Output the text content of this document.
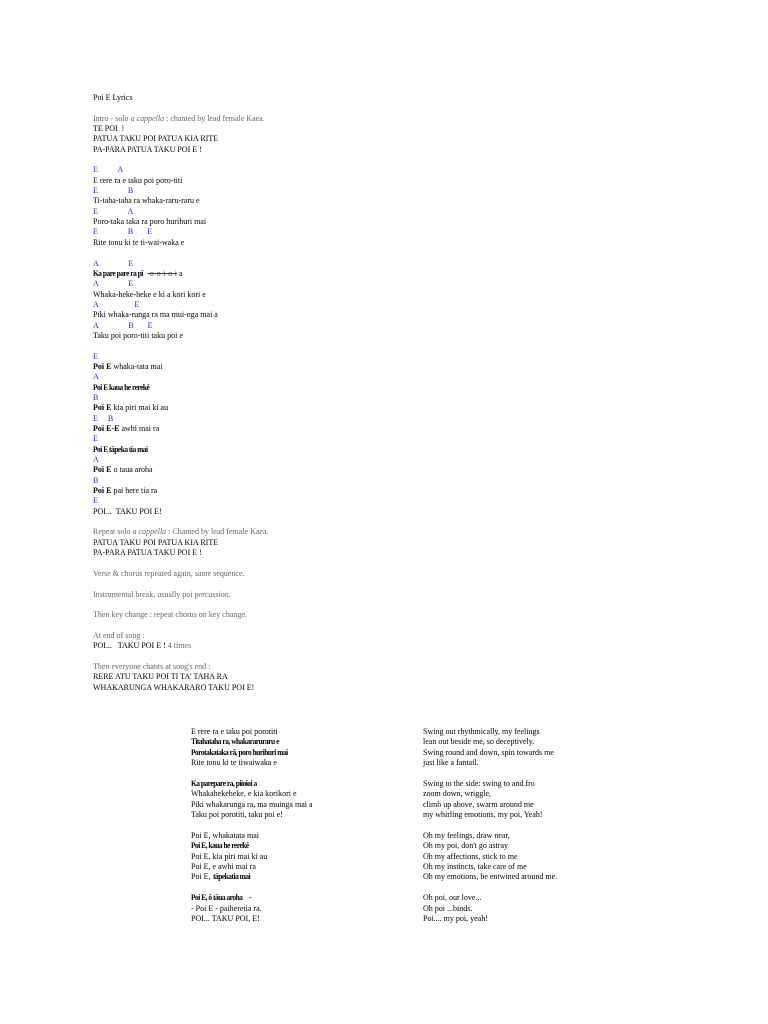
Poi E Lyrics
Intro - solo a cappella : chanted by lead female Kaea.
TE POI  !
PATUA TAKU POI PATUA KIA RITE
PA-PARA PATUA TAKU POI E !
E          A
E rere ra e taku poi poro-titi
E               B
Ti-taha-taha ra whaka-raru-raru e
E               A
Poro-taka taka ra poro hurihuri mai
E               B       E
Rite tonu ki te ti-wai-waka e
A               E
Ka pare pare ra pī -o-o-i-o-i a
A               E
Whaka-heke-heke e ki a kori kori e
A                  E
Piki whaka-runga ra ma mui-nga mai a
A               B       E
Taku poi poro-titi taku poi e
E
Poi E whaka-tata mai
A
Poi E kaua he rerekē
B
Poi E kia piri mai ki au
E     B
Poi E-E awhi mai ra
E
Poi E tāpeka tia mai
A
Poi E o taua aroha
B
Poi E pai here tia ra
E
POI...  TAKU POI E!
Repeat solo a cappella : Chanted by lead female Kaea.
PATUA TAKU POI PATUA KIA RITE
PA-PARA PATUA TAKU POI E !
Verse & chorus repeated again, same sequence.
Instrumental break, usually poi percussion.
Then key change : repeat chorus on key change.
At end of song :
POI...   TAKU POI E ! 4 times
Then everyone chants at song's end :
RERE ATU TAKU POI TI TA' TAHA RA
WHAKARUNGA WHAKARARO TAKU POI E!
E rere ra e taku poi porotiti
Titahataha ra, whakararuraru e
Porotakataka rā, poro hurihuri mai
Rite tonu ki te tiwaiwaka e
Ka parepare ra, piioioi a
Whakahekeheke, e kia korikori e
Piki whakarunga ra, ma muinga mai a
Taku poi porotiti, taku poi e!
Poi E, whakatata mai
Poi E, kaua he rerekē
Poi E, kia piri mai ki au
Poi E, e awhi mai ra
Poi E, tāpekatia mai
Poi E, ō tāua aroha -
- Poi E - paiheretia ra.
POI... TAKU POI, E!
Swing out rhythmically, my feelings
lean out beside me, so deceptively.
Swing round and down, spin towards me
just like a fantail.
Swing to the side: swing to and fro
zoom down, wriggle,
climb up above, swarm around me
my whirling emotions, my poi, Yeah!
Oh my feelings, draw near,
Oh my poi, don't go astray
Oh my affections, stick to me
Oh my instincts, take care of me
Oh my emotions, be entwined around me.
Oh poi, our love...
Oh poi ...binds.
Poi.... my poi, yeah!
